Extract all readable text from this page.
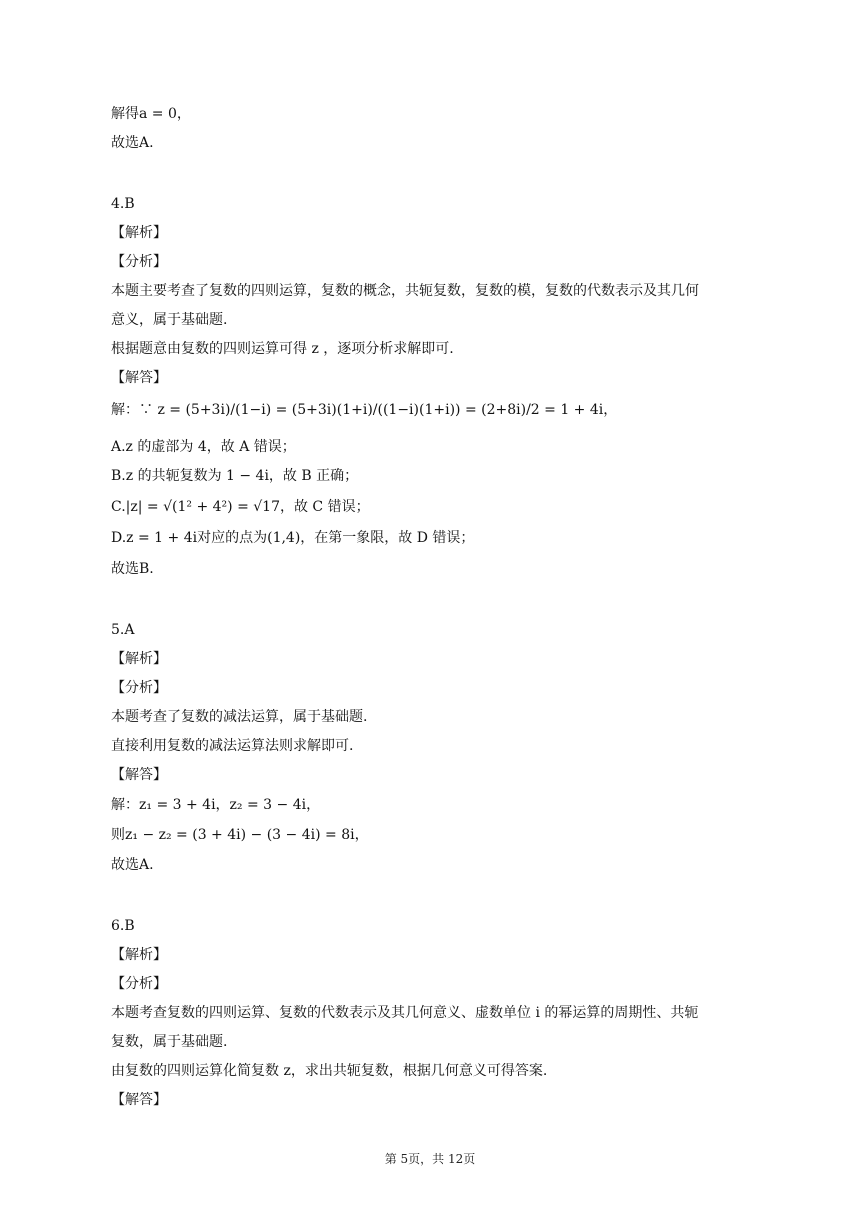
解得a = 0，
故选A.
4.B
【解析】
【分析】
本题主要考查了复数的四则运算，复数的概念，共轭复数，复数的模，复数的代数表示及其几何
意义，属于基础题.
根据题意由复数的四则运算可得 z ，逐项分析求解即可.
【解答】
解：∵ z = (5+3i)/(1−i) = (5+3i)(1+i)/((1−i)(1+i)) = (2+8i)/2 = 1 + 4i，
A.z 的虚部为 4，故 A 错误；
B.z 的共轭复数为 1 − 4i，故 B 正确；
C.|z| = √(1² + 4²) = √17，故 C 错误；
D.z = 1 + 4i对应的点为(1,4)，在第一象限，故 D 错误；
故选B.
5.A
【解析】
【分析】
本题考查了复数的减法运算，属于基础题.
直接利用复数的减法运算法则求解即可.
【解答】
解：z₁ = 3 + 4i，z₂ = 3 − 4i，
则z₁ − z₂ = (3 + 4i) − (3 − 4i) = 8i，
故选A.
6.B
【解析】
【分析】
本题考查复数的四则运算、复数的代数表示及其几何意义、虚数单位 i 的幂运算的周期性、共轭
复数，属于基础题.
由复数的四则运算化简复数 z，求出共轭复数，根据几何意义可得答案.
【解答】
第 5页，共 12页
